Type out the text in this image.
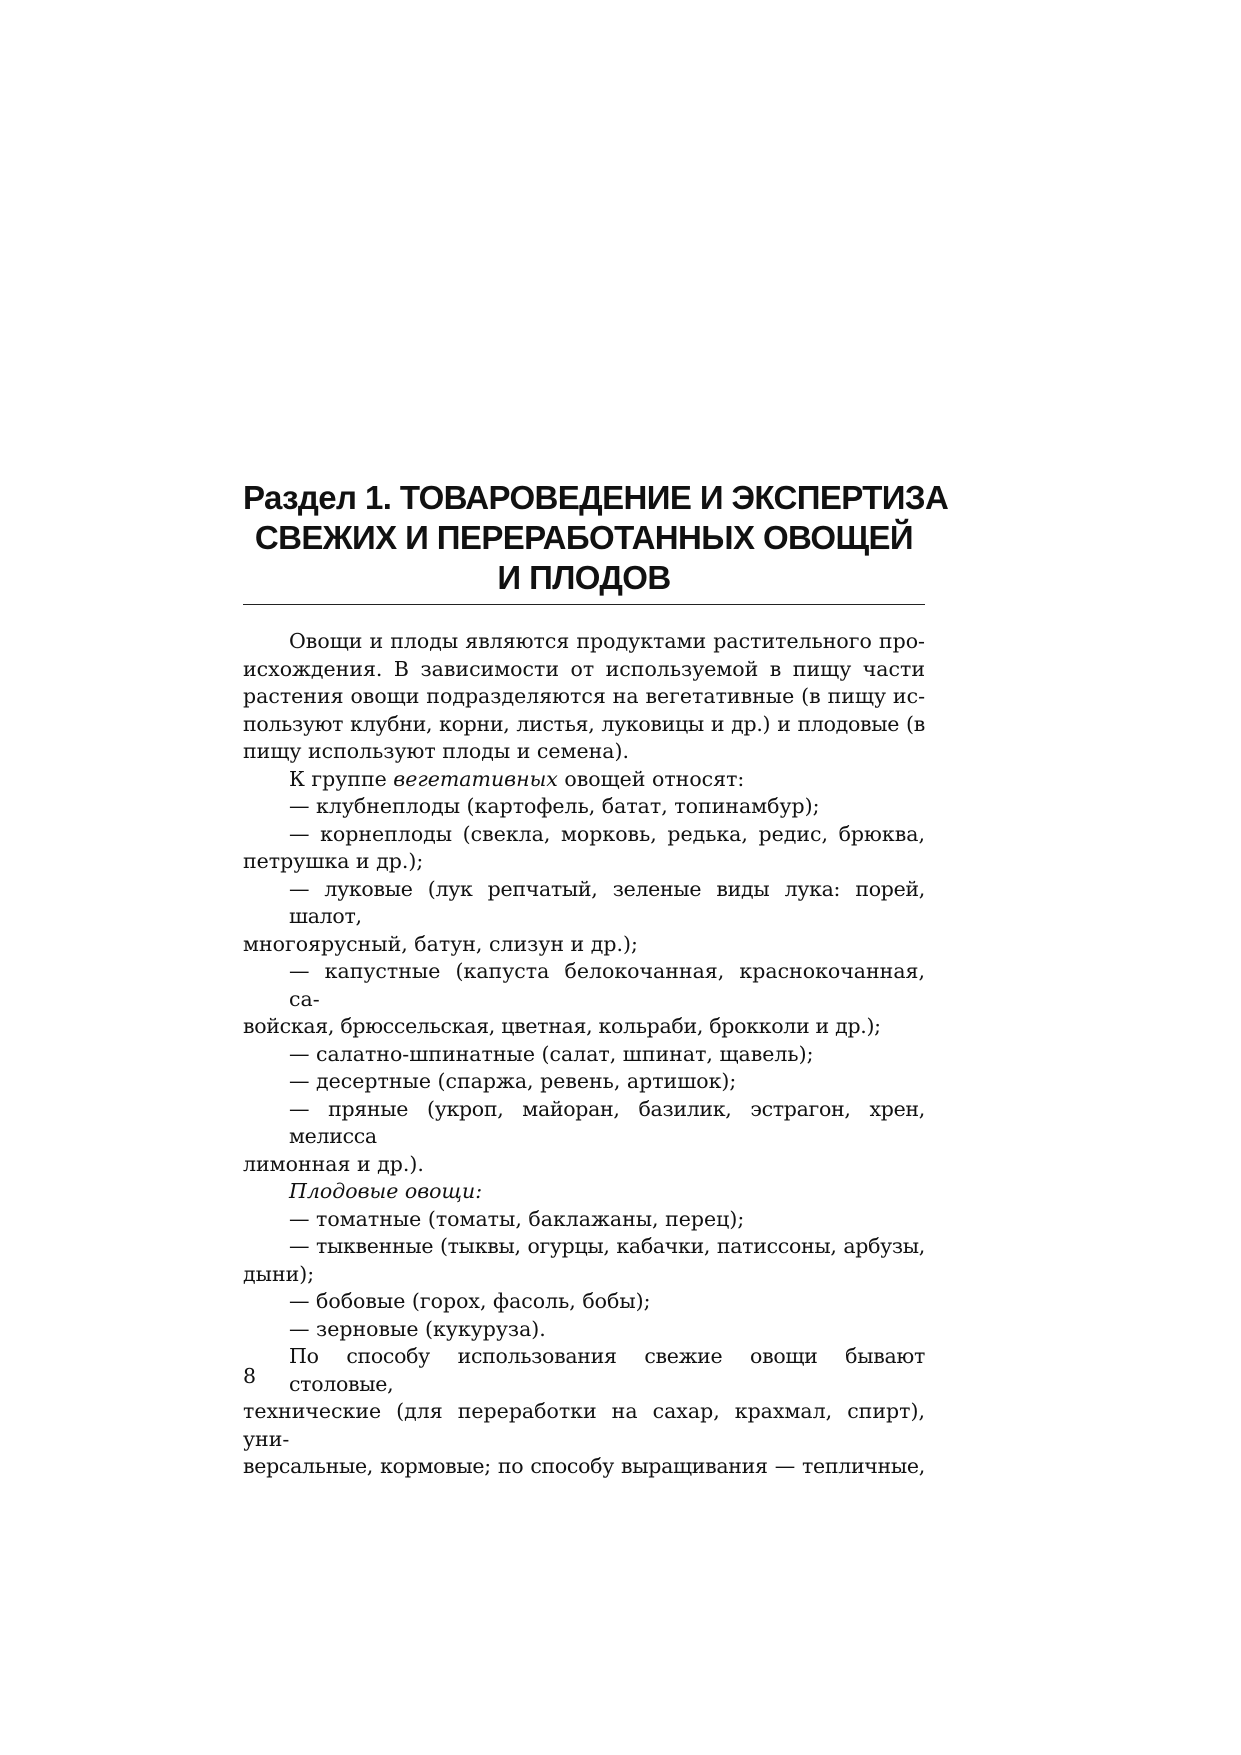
Раздел 1. ТОВАРОВЕДЕНИЕ И ЭКСПЕРТИЗА
СВЕЖИХ И ПЕРЕРАБОТАННЫХ ОВОЩЕЙ
И ПЛОДОВ
Овощи и плоды являются продуктами растительного про-
исхождения. В зависимости от используемой в пищу части
растения овощи подразделяются на вегетативные (в пищу ис-
пользуют клубни, корни, листья, луковицы и др.) и плодовые (в
пищу используют плоды и семена).
К группе вегетативных овощей относят:
— клубнеплоды (картофель, батат, топинамбур);
— корнеплоды (свекла, морковь, редька, редис, брюква,
петрушка и др.);
— луковые (лук репчатый, зеленые виды лука: порей, шалот,
многоярусный, батун, слизун и др.);
— капустные (капуста белокочанная, краснокочанная, са-
войская, брюссельская, цветная, кольраби, брокколи и др.);
— салатно-шпинатные (салат, шпинат, щавель);
— десертные (спаржа, ревень, артишок);
— пряные (укроп, майоран, базилик, эстрагон, хрен, мелисса
лимонная и др.).
Плодовые овощи:
— томатные (томаты, баклажаны, перец);
— тыквенные (тыквы, огурцы, кабачки, патиссоны, арбузы,
дыни);
— бобовые (горох, фасоль, бобы);
— зерновые (кукуруза).
По способу использования свежие овощи бывают столовые,
технические (для переработки на сахар, крахмал, спирт), уни-
версальные, кормовые; по способу выращивания — тепличные,
8
